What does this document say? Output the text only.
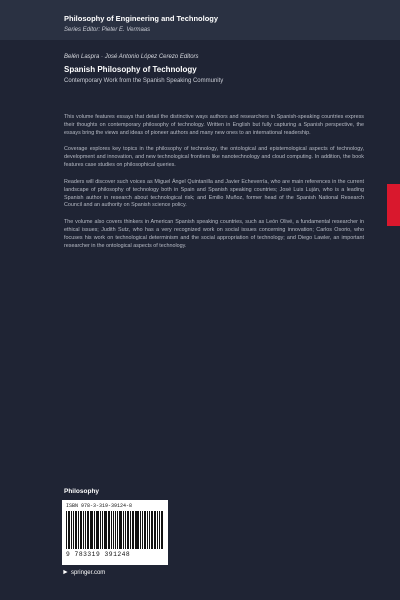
Philosophy of Engineering and Technology
Series Editor: Pieter E. Vermaas
Belén Laspra · José Antonio López Cerezo Editors
Spanish Philosophy of Technology
Contemporary Work from the Spanish Speaking Community

This volume features essays that detail the distinctive ways authors and researchers in Spanish-speaking countries express their thoughts on contemporary philosophy of technology. Written in English but fully capturing a Spanish perspective, the essays bring the views and ideas of pioneer authors and many new ones to an international readership.

Coverage explores key topics in the philosophy of technology, the ontological and epistemological aspects of technology, development and innovation, and new technological frontiers like nanotechnology and cloud computing. In addition, the book features case studies on philosophical queries.

Readers will discover such voices as Miguel Ángel Quintanilla and Javier Echeverría, who are main references in the current landscape of philosophy of technology both in Spain and Spanish speaking countries; José Luis Luján, who is a leading Spanish author in research about technological risk; and Emilio Muñoz, former head of the Spanish National Research Council and an authority on Spanish science policy.

The volume also covers thinkers in American Spanish speaking countries, such as León Olivé, a fundamental researcher in ethical issues; Judith Sutz, who has a very recognized work on social issues concerning innovation; Carlos Osorio, who focuses his work on technological determinism and the social appropriation of technology; and Diego Lawler, an important researcher in the ontological aspects of technology.

Philosophy
ISBN 978-3-319-39124-8
9 783319 391248
► springer.com
